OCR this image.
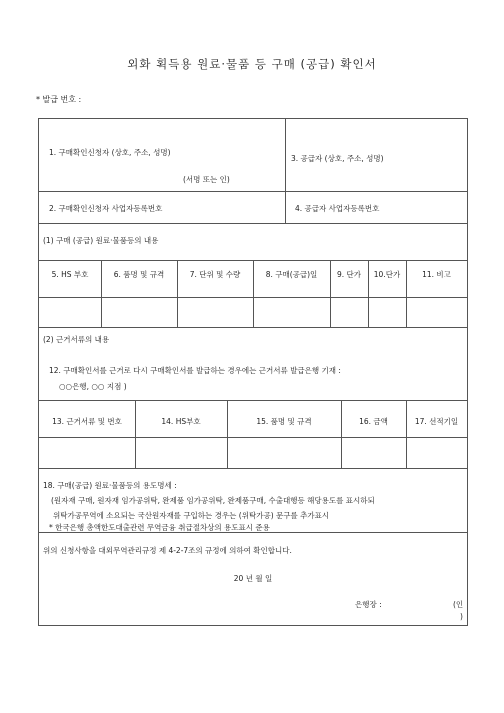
외화 획득용 원료·물품 등 구매 (공급) 확인서
* 발급 번호 :
1. 구매확인신청자 (상호, 주소, 성명)
(서명 또는 인)
3. 공급자 (상호, 주소, 성명)
2. 구매확인신청자 사업자등록번호	4. 공급자 사업자등록번호
(1) 구매 (공급) 원료·물품등의 내용
5. HS 부호	6. 품명 및 규격	7. 단위 및 수량	8. 구매(공급)일	9. 단가	10.단가	11. 비고
(2) 근거서류의 내용
12. 구매확인서를 근거로 다시 구매확인서를 발급하는 경우에는 근거서류 발급은행 기재 :
○○은행, ○○ 지점 )
13. 근거서류 및 번호	14. HS부호	15. 품명 및 규격	16. 금액	17. 선적기일
18. 구매(공급) 원료·물품등의 용도명세 :
(원자재 구매, 원자재 임가공위탁, 완제품 임가공위탁, 완제품구매, 수출대행등 해당용도를 표시하되
위탁가공무역에 소요되는 국산원자재를 구입하는 경우는 (위탁가공) 문구를 추가표시
* 한국은행 총액한도대출관련 무역금융 취급절차상의 용도표시 준용
위의 신청사항을 대외무역관리규정 제 4-2-7조의 규정에 의하여 확인합니다.
20 년 월 일
은행장 :	(인
)
